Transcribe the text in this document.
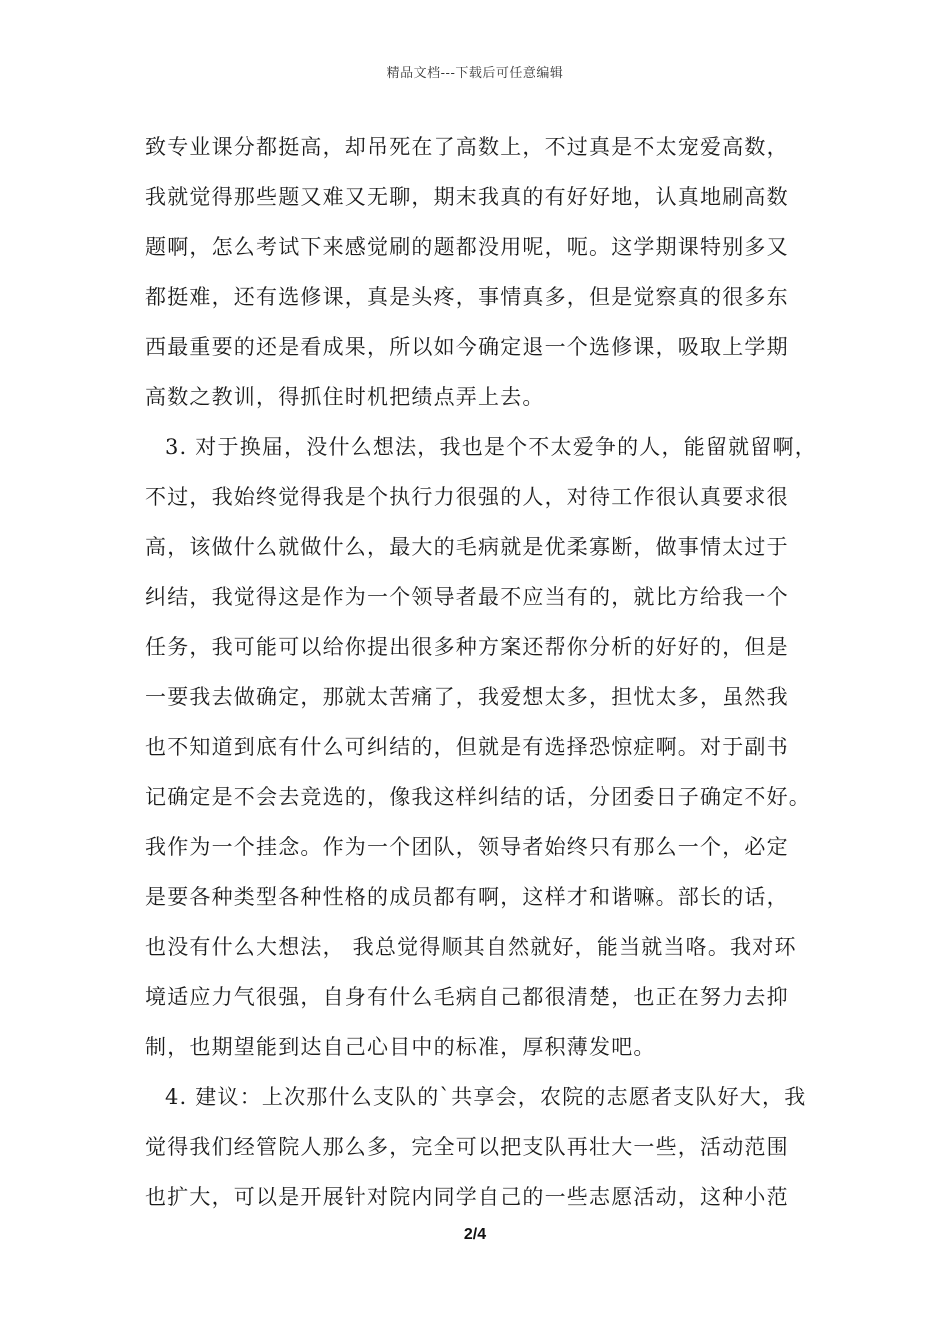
精品文档---下载后可任意编辑
致专业课分都挺高，却吊死在了高数上，不过真是不太宠爱高数，
我就觉得那些题又难又无聊，期末我真的有好好地，认真地刷高数
题啊，怎么考试下来感觉刷的题都没用呢，呃。这学期课特别多又
都挺难，还有选修课，真是头疼，事情真多，但是觉察真的很多东
西最重要的还是看成果，所以如今确定退一个选修课，吸取上学期
高数之教训，得抓住时机把绩点弄上去。
3. 对于换届，没什么想法，我也是个不太爱争的人，能留就留啊，
不过，我始终觉得我是个执行力很强的人，对待工作很认真要求很
高，该做什么就做什么，最大的毛病就是优柔寡断，做事情太过于
纠结，我觉得这是作为一个领导者最不应当有的，就比方给我一个
任务，我可能可以给你提出很多种方案还帮你分析的好好的，但是
一要我去做确定，那就太苦痛了，我爱想太多，担忧太多，虽然我
也不知道到底有什么可纠结的，但就是有选择恐惊症啊。对于副书
记确定是不会去竞选的，像我这样纠结的话，分团委日子确定不好。
我作为一个挂念。作为一个团队，领导者始终只有那么一个，必定
是要各种类型各种性格的成员都有啊，这样才和谐嘛。部长的话，
也没有什么大想法， 我总觉得顺其自然就好，能当就当咯。我对环
境适应力气很强，自身有什么毛病自己都很清楚，也正在努力去抑
制，也期望能到达自己心目中的标准，厚积薄发吧。
4. 建议：上次那什么支队的`共享会，农院的志愿者支队好大，我
觉得我们经管院人那么多，完全可以把支队再壮大一些，活动范围
也扩大，可以是开展针对院内同学自己的一些志愿活动，这种小范
2/4
